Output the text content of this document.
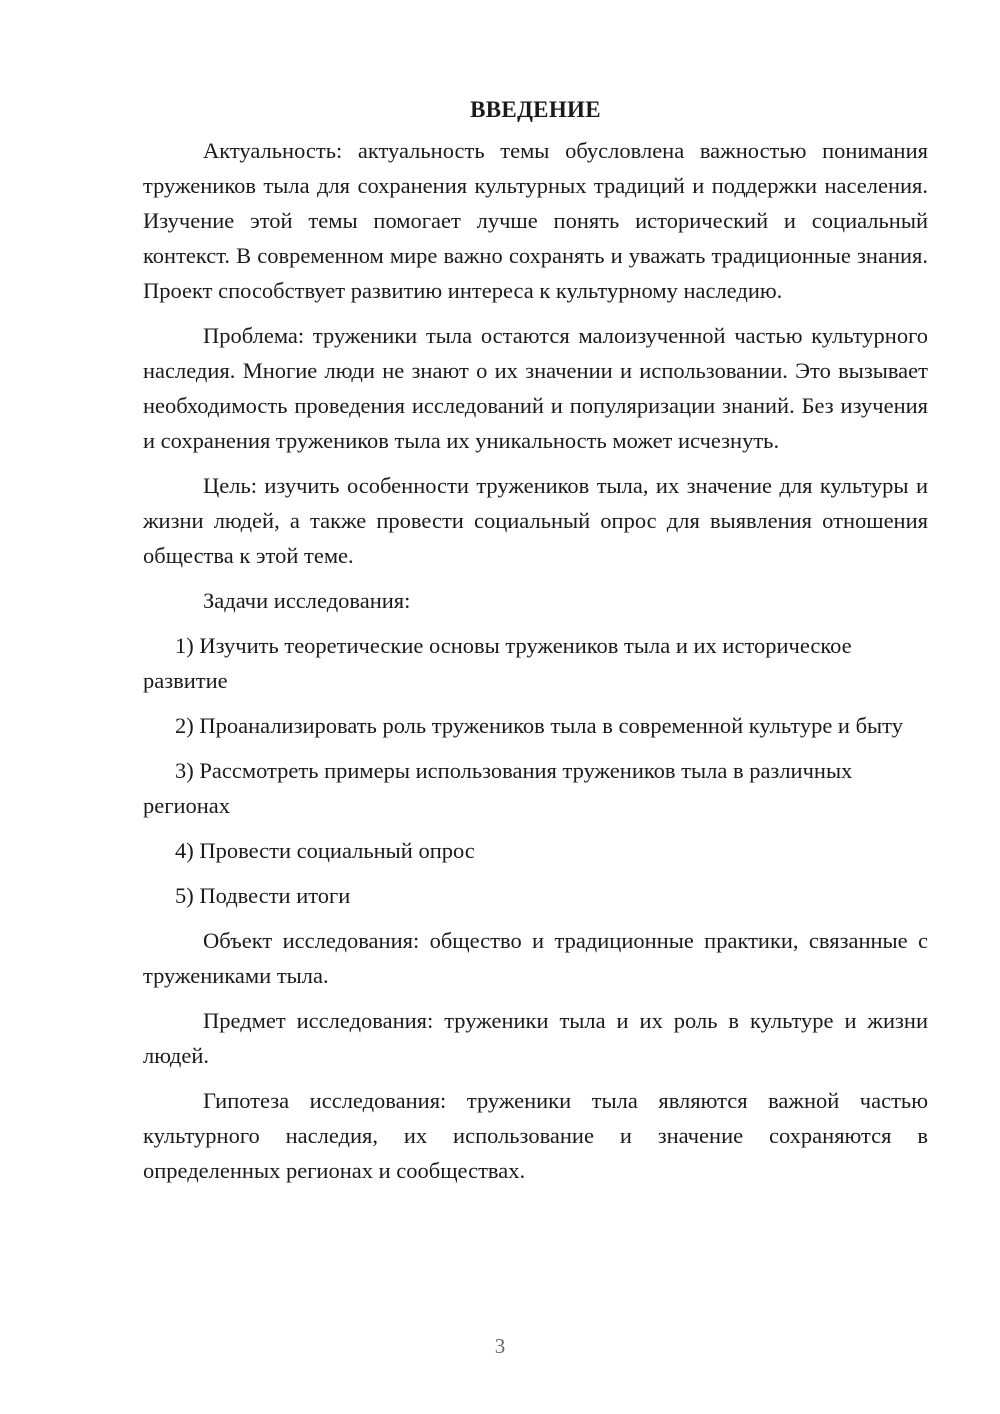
ВВЕДЕНИЕ

Актуальность: актуальность темы обусловлена важностью понимания тружеников тыла для сохранения культурных традиций и поддержки населения. Изучение этой темы помогает лучше понять исторический и социальный контекст. В современном мире важно сохранять и уважать традиционные знания. Проект способствует развитию интереса к культурному наследию.

Проблема: труженики тыла остаются малоизученной частью культурного наследия. Многие люди не знают о их значении и использовании. Это вызывает необходимость проведения исследований и популяризации знаний. Без изучения и сохранения тружеников тыла их уникальность может исчезнуть.

Цель: изучить особенности тружеников тыла, их значение для культуры и жизни людей, а также провести социальный опрос для выявления отношения общества к этой теме.

Задачи исследования:

1) Изучить теоретические основы тружеников тыла и их историческое развитие

2) Проанализировать роль тружеников тыла в современной культуре и быту

3) Рассмотреть примеры использования тружеников тыла в различных регионах

4) Провести социальный опрос

5) Подвести итоги

Объект исследования: общество и традиционные практики, связанные с тружениками тыла.

Предмет исследования: труженики тыла и их роль в культуре и жизни людей.

Гипотеза исследования: труженики тыла являются важной частью культурного наследия, их использование и значение сохраняются в определенных регионах и сообществах.

3
